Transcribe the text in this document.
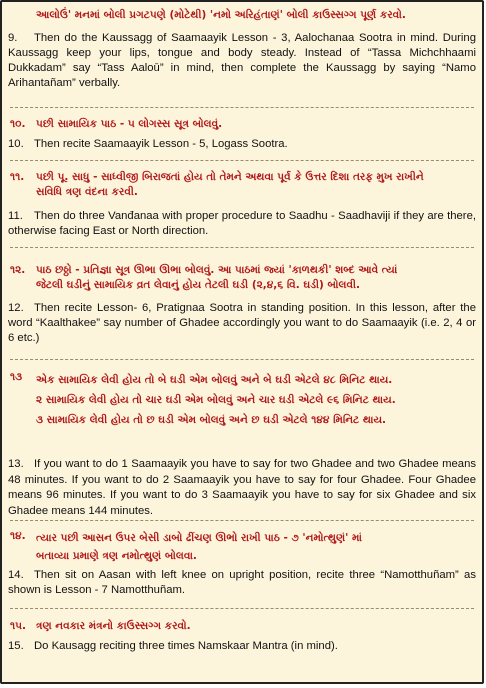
આલોઉં' મનમાં બોલી પ્રગટપણે (મોટેથી) 'નમો અરિહંતાણં' બોલી કાઉસ્સગ્ગ પૂર્ણ કરવો.
9. Then do the Kaussagg of Saamaayik Lesson - 3, Aalochanaa Sootra in mind. During Kaussagg keep your lips, tongue and body steady. Instead of “Tassa Michchhaami Dukkadam” say “Tass Aaloū” in mind, then complete the Kaussagg by saying “Namo Arihantañam” verbally.
૧૦. પછી સામાયિક પાઠ - ૫ લોગસ્સ સૂત્ર બોલવું.
10. Then recite Saamaayik Lesson - 5, Logass Sootra.
૧૧.	પછી પૂ. સાધુ - સાધ્વીજી બિરાજતાં હોય તો તેમને અથવા પૂર્વ કે ઉત્તર દિશા તરફ મુખ રાખીને
સવિધિ ત્રણ વંદના કરવી.
11. Then do three Vanđanaa with proper procedure to Saadhu - Saadhaviji if they are there, otherwise facing East or North direction.
૧૨.	પાઠ છઠ્ઠો - પ્રતિજ્ઞા સૂત્ર ઊભા ઊભા બોલવું. આ પાઠમાં જ્યાં 'કાળથકી' શબ્દ આવે ત્યાં
જેટલી ઘડીનું સામાયિક વ્રત લેવાનું હોય તેટલી ઘડી (૨,૪,૬ વિ. ઘડી) બોલવી.
12. Then recite Lesson- 6, Pratignaa Sootra in standing position. In this lesson, after the word “Kaalthakee” say number of Ghadee accordingly you want to do Saamaayik (i.e. 2, 4 or 6 etc.)
૧૩	એક સામાયિક લેવી હોય તો બે ઘડી એમ બોલવું અને બે ઘડી એટલે ૪૮ મિનિટ થાય.
૨ સામાયિક લેવી હોય તો ચાર ઘડી એમ બોલવું અને ચાર ઘડી એટલે ૯૬ મિનિટ થાય.
૩ સામાયિક લેવી હોય તો છ ઘડી એમ બોલવું અને છ ઘડી એટલે ૧૪૪ મિનિટ થાય.
13. If you want to do 1 Saamaayik you have to say for two Ghadee and two Ghadee means 48 minutes. If you want to do 2 Saamaayik you have to say for four Ghadee. Four Ghadee means 96 minutes. If you want to do 3 Saamaayik you have to say for six Ghadee and six Ghadee means 144 minutes.
૧૪. ત્યાર પછી આસન ઉપર બેસી ડાબો ઢીંચણ ઊભો રાખી પાઠ - ૭ 'નમોત્થુણં' માં
બતાવ્યા પ્રમાણે ત્રણ નમોત્થુણં બોલવા.
14. Then sit on Aasan with left knee on upright position, recite three “Namotthuñam” as shown is Lesson - 7 Namotthuñam.
૧૫. ત્રણ નવકાર મંત્રનો કાઉસ્સગ્ગ કરવો.
15. Do Kausagg reciting three times Namskaar Mantra (in mind).
